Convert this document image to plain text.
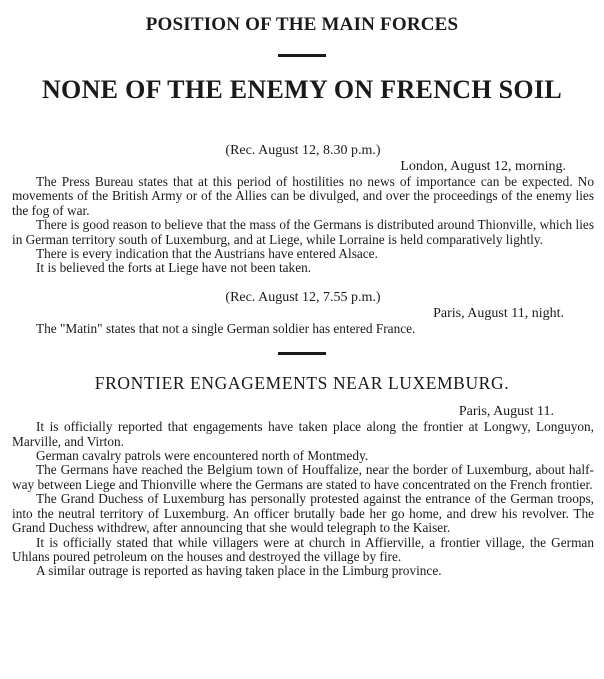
POSITION OF THE MAIN FORCES
NONE OF THE ENEMY ON FRENCH SOIL
(Rec. August 12, 8.30 p.m.)
London, August 12, morning.

The Press Bureau states that at this period of hostilities no news of importance can be expected. No movements of the British Army or of the Allies can be divulged, and over the proceedings of the enemy lies the fog of war.

There is good reason to believe that the mass of the Germans is distributed around Thionville, which lies in German territory south of Luxemburg, and at Liege, while Lorraine is held comparatively lightly.

There is every indication that the Austrians have entered Alsace.

It is believed the forts at Liege have not been taken.

(Rec. August 12, 7.55 p.m.)
Paris, August 11, night.

The "Matin" states that not a single German soldier has entered France.

FRONTIER ENGAGEMENTS NEAR LUXEMBURG.
Paris, August 11.

It is officially reported that engagements have taken place along the frontier at Longwy, Longuyon, Marville, and Virton.

German cavalry patrols were encountered north of Montmedy.

The Germans have reached the Belgium town of Houffalize, near the border of Luxemburg, about half-way between Liege and Thionville where the Germans are stated to have concentrated on the French frontier.

The Grand Duchess of Luxemburg has personally protested against the entrance of the German troops, into the neutral territory of Luxemburg. An officer brutally bade her go home, and drew his revolver. The Grand Duchess withdrew, after announcing that she would telegraph to the Kaiser.

It is officially stated that while villagers were at church in Affierville, a frontier village, the German Uhlans poured petroleum on the houses and destroyed the village by fire.

A similar outrage is reported as having taken place in the Limburg province.
